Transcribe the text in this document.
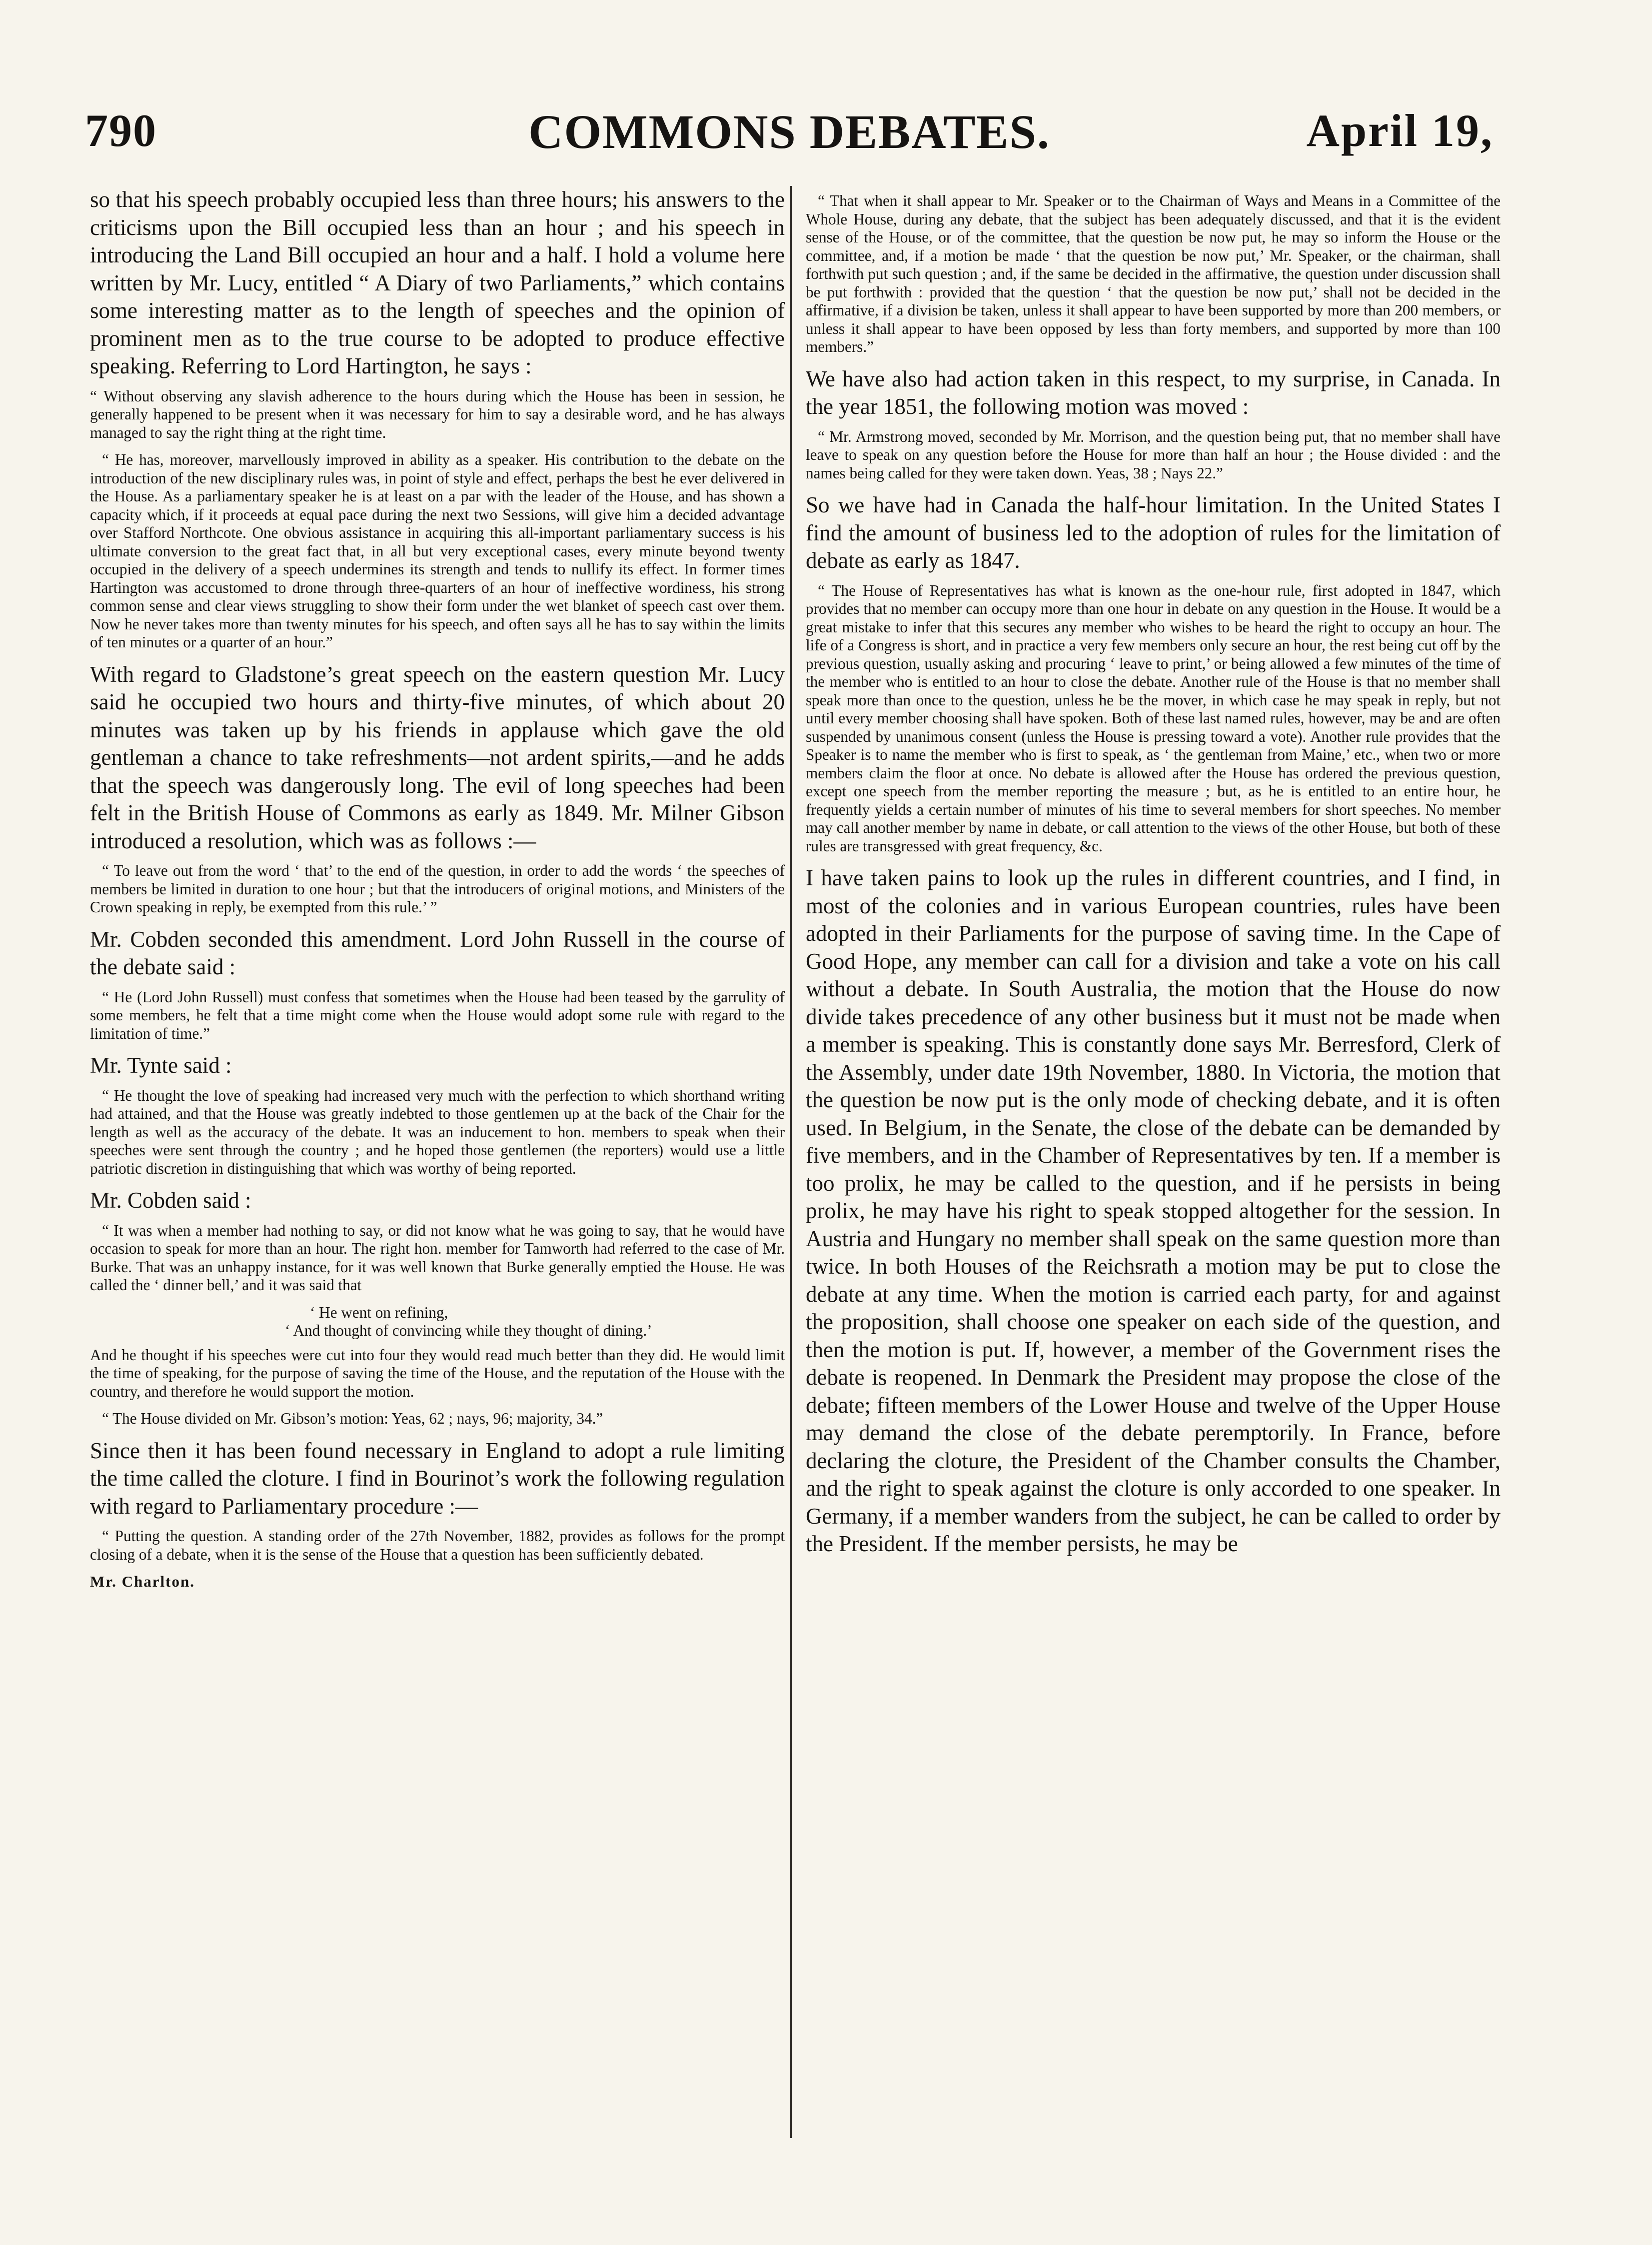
790	COMMONS DEBATES.	April 19,

so that his speech probably occupied less than three hours; his answers to the criticisms upon the Bill occupied less than an hour ; and his speech in introducing the Land Bill occupied an hour and a half. I hold a volume here written by Mr. Lucy, entitled “ A Diary of two Parliaments,” which contains some interesting matter as to the length of speeches and the opinion of prominent men as to the true course to be adopted to produce effective speaking. Referring to Lord Hartington, he says :

“ Without observing any slavish adherence to the hours during which the House has been in session, he generally happened to be present when it was necessary for him to say a desirable word, and he has always managed to say the right thing at the right time.

“ He has, moreover, marvellously improved in ability as a speaker. His contribution to the debate on the introduction of the new disciplinary rules was, in point of style and effect, perhaps the best he ever delivered in the House. As a parliamentary speaker he is at least on a par with the leader of the House, and has shown a capacity which, if it proceeds at equal pace during the next two Sessions, will give him a decided advantage over Stafford Northcote. One obvious assistance in acquiring this all-important parliamentary success is his ultimate conversion to the great fact that, in all but very exceptional cases, every minute beyond twenty occupied in the delivery of a speech undermines its strength and tends to nullify its effect. In former times Hartington was accustomed to drone through three-quarters of an hour of ineffective wordiness, his strong common sense and clear views struggling to show their form under the wet blanket of speech cast over them. Now he never takes more than twenty minutes for his speech, and often says all he has to say within the limits of ten minutes or a quarter of an hour.”

With regard to Gladstone’s great speech on the eastern question Mr. Lucy said he occupied two hours and thirty-five minutes, of which about 20 minutes was taken up by his friends in applause which gave the old gentleman a chance to take refreshments—not ardent spirits,—and he adds that the speech was dangerously long. The evil of long speeches had been felt in the British House of Commons as early as 1849. Mr. Milner Gibson introduced a resolution, which was as follows :—

“ To leave out from the word ‘ that’ to the end of the question, in order to add the words ‘ the speeches of members be limited in duration to one hour ; but that the introducers of original motions, and Ministers of the Crown speaking in reply, be exempted from this rule.’ ”

Mr. Cobden seconded this amendment. Lord John Russell in the course of the debate said :

“ He (Lord John Russell) must confess that sometimes when the House had been teased by the garrulity of some members, he felt that a time might come when the House would adopt some rule with regard to the limitation of time.”

Mr. Tynte said :

“ He thought the love of speaking had increased very much with the perfection to which shorthand writing had attained, and that the House was greatly indebted to those gentlemen up at the back of the Chair for the length as well as the accuracy of the debate. It was an inducement to hon. members to speak when their speeches were sent through the country ; and he hoped those gentlemen (the reporters) would use a little patriotic discretion in distinguishing that which was worthy of being reported.

Mr. Cobden said :

“ It was when a member had nothing to say, or did not know what he was going to say, that he would have occasion to speak for more than an hour. The right hon. member for Tamworth had referred to the case of Mr. Burke. That was an unhappy instance, for it was well known that Burke generally emptied the House. He was called the ‘ dinner bell,’ and it was said that

‘ He went on refining,

‘ And thought of convincing while they thought of dining.’

And he thought if his speeches were cut into four they would read much better than they did. He would limit the time of speaking, for the purpose of saving the time of the House, and the reputation of the House with the country, and therefore he would support the motion.

“ The House divided on Mr. Gibson’s motion: Yeas, 62 ; nays, 96; majority, 34.”

Since then it has been found necessary in England to adopt a rule limiting the time called the cloture. I find in Bourinot’s work the following regulation with regard to Parliamentary procedure :—

“ Putting the question. A standing order of the 27th November, 1882, provides as follows for the prompt closing of a debate, when it is the sense of the House that a question has been sufficiently debated.

Mr. Charlton.

“ That when it shall appear to Mr. Speaker or to the Chairman of Ways and Means in a Committee of the Whole House, during any debate, that the subject has been adequately discussed, and that it is the evident sense of the House, or of the committee, that the question be now put, he may so inform the House or the committee, and, if a motion be made ‘ that the question be now put,’ Mr. Speaker, or the chairman, shall forthwith put such question ; and, if the same be decided in the affirmative, the question under discussion shall be put forthwith : provided that the question ‘ that the question be now put,’ shall not be decided in the affirmative, if a division be taken, unless it shall appear to have been supported by more than 200 members, or unless it shall appear to have been opposed by less than forty members, and supported by more than 100 members.”

We have also had action taken in this respect, to my surprise, in Canada. In the year 1851, the following motion was moved :

“ Mr. Armstrong moved, seconded by Mr. Morrison, and the question being put, that no member shall have leave to speak on any question before the House for more than half an hour ; the House divided : and the names being called for they were taken down. Yeas, 38 ; Nays 22.”

So we have had in Canada the half-hour limitation. In the United States I find the amount of business led to the adoption of rules for the limitation of debate as early as 1847.

“ The House of Representatives has what is known as the one-hour rule, first adopted in 1847, which provides that no member can occupy more than one hour in debate on any question in the House. It would be a great mistake to infer that this secures any member who wishes to be heard the right to occupy an hour. The life of a Congress is short, and in practice a very few members only secure an hour, the rest being cut off by the previous question, usually asking and procuring ‘ leave to print,’ or being allowed a few minutes of the time of the member who is entitled to an hour to close the debate. Another rule of the House is that no member shall speak more than once to the question, unless he be the mover, in which case he may speak in reply, but not until every member choosing shall have spoken. Both of these last named rules, however, may be and are often suspended by unanimous consent (unless the House is pressing toward a vote). Another rule provides that the Speaker is to name the member who is first to speak, as ‘ the gentleman from Maine,’ etc., when two or more members claim the floor at once. No debate is allowed after the House has ordered the previous question, except one speech from the member reporting the measure ; but, as he is entitled to an entire hour, he frequently yields a certain number of minutes of his time to several members for short speeches. No member may call another member by name in debate, or call attention to the views of the other House, but both of these rules are transgressed with great frequency, &c.

I have taken pains to look up the rules in different countries, and I find, in most of the colonies and in various European countries, rules have been adopted in their Parliaments for the purpose of saving time. In the Cape of Good Hope, any member can call for a division and take a vote on his call without a debate. In South Australia, the motion that the House do now divide takes precedence of any other business but it must not be made when a member is speaking. This is constantly done says Mr. Berresford, Clerk of the Assembly, under date 19th November, 1880. In Victoria, the motion that the question be now put is the only mode of checking debate, and it is often used. In Belgium, in the Senate, the close of the debate can be demanded by five members, and in the Chamber of Representatives by ten. If a member is too prolix, he may be called to the question, and if he persists in being prolix, he may have his right to speak stopped altogether for the session. In Austria and Hungary no member shall speak on the same question more than twice. In both Houses of the Reichsrath a motion may be put to close the debate at any time. When the motion is carried each party, for and against the proposition, shall choose one speaker on each side of the question, and then the motion is put. If, however, a member of the Government rises the debate is reopened. In Denmark the President may propose the close of the debate; fifteen members of the Lower House and twelve of the Upper House may demand the close of the debate peremptorily. In France, before declaring the cloture, the President of the Chamber consults the Chamber, and the right to speak against the cloture is only accorded to one speaker. In Germany, if a member wanders from the subject, he can be called to order by the President. If the member persists, he may be
